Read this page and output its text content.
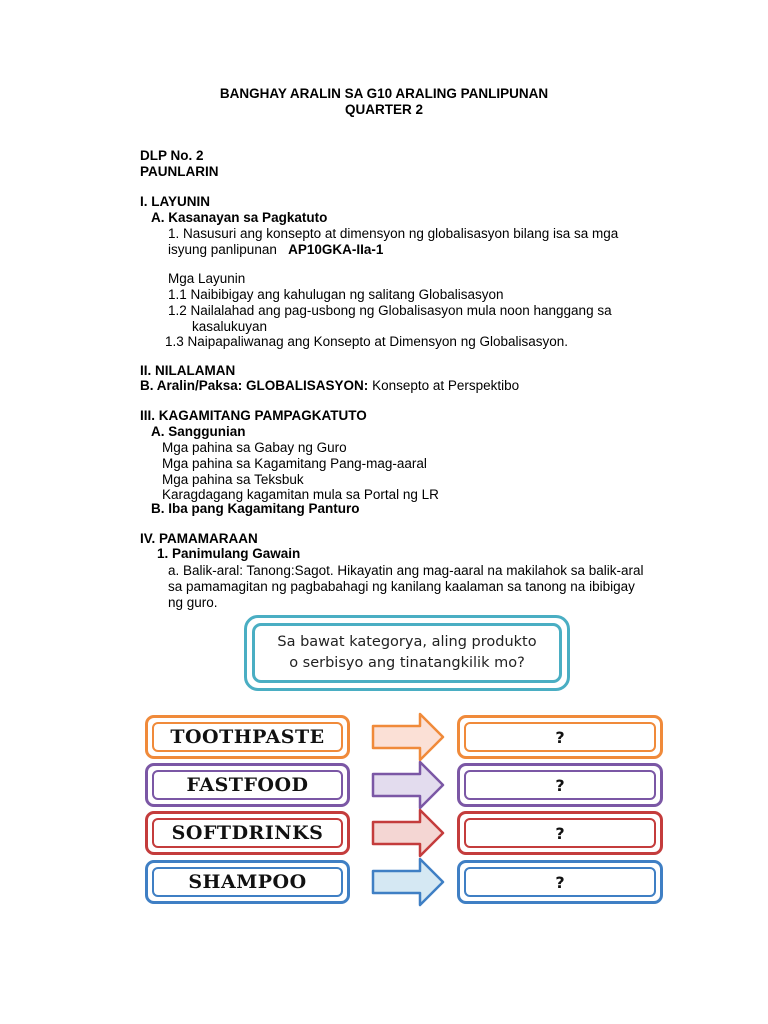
BANGHAY ARALIN SA G10 ARALING PANLIPUNAN
QUARTER 2
DLP No. 2
PAUNLARIN
I. LAYUNIN
A. Kasanayan sa Pagkatuto
1. Nasusuri ang konsepto at dimensyon ng globalisasyon bilang isa sa mga
isyung panlipunan AP10GKA-IIa-1
Mga Layunin
1.1 Naibibigay ang kahulugan ng salitang Globalisasyon
1.2 Nailalahad ang pag-usbong ng Globalisasyon mula noon hanggang sa
kasalukuyan
1.3 Naipapaliwanag ang Konsepto at Dimensyon ng Globalisasyon.
II. NILALAMAN
B. Aralin/Paksa: GLOBALISASYON: Konsepto at Perspektibo
III. KAGAMITANG PAMPAGKATUTO
A. Sanggunian
Mga pahina sa Gabay ng Guro
Mga pahina sa Kagamitang Pang-mag-aaral
Mga pahina sa Teksbuk
Karagdagang kagamitan mula sa Portal ng LR
B. Iba pang Kagamitang Panturo
IV. PAMAMARAAN
1. Panimulang Gawain
a. Balik-aral: Tanong:Sagot. Hikayatin ang mag-aaral na makilahok sa balik-aral
sa pamamagitan ng pagbabahagi ng kanilang kaalaman sa tanong na ibibigay
ng guro.
Sa bawat kategorya, aling produkto
o serbisyo ang tinatangkilik mo?
TOOTHPASTE	?
FASTFOOD	?
SOFTDRINKS	?
SHAMPOO	?
